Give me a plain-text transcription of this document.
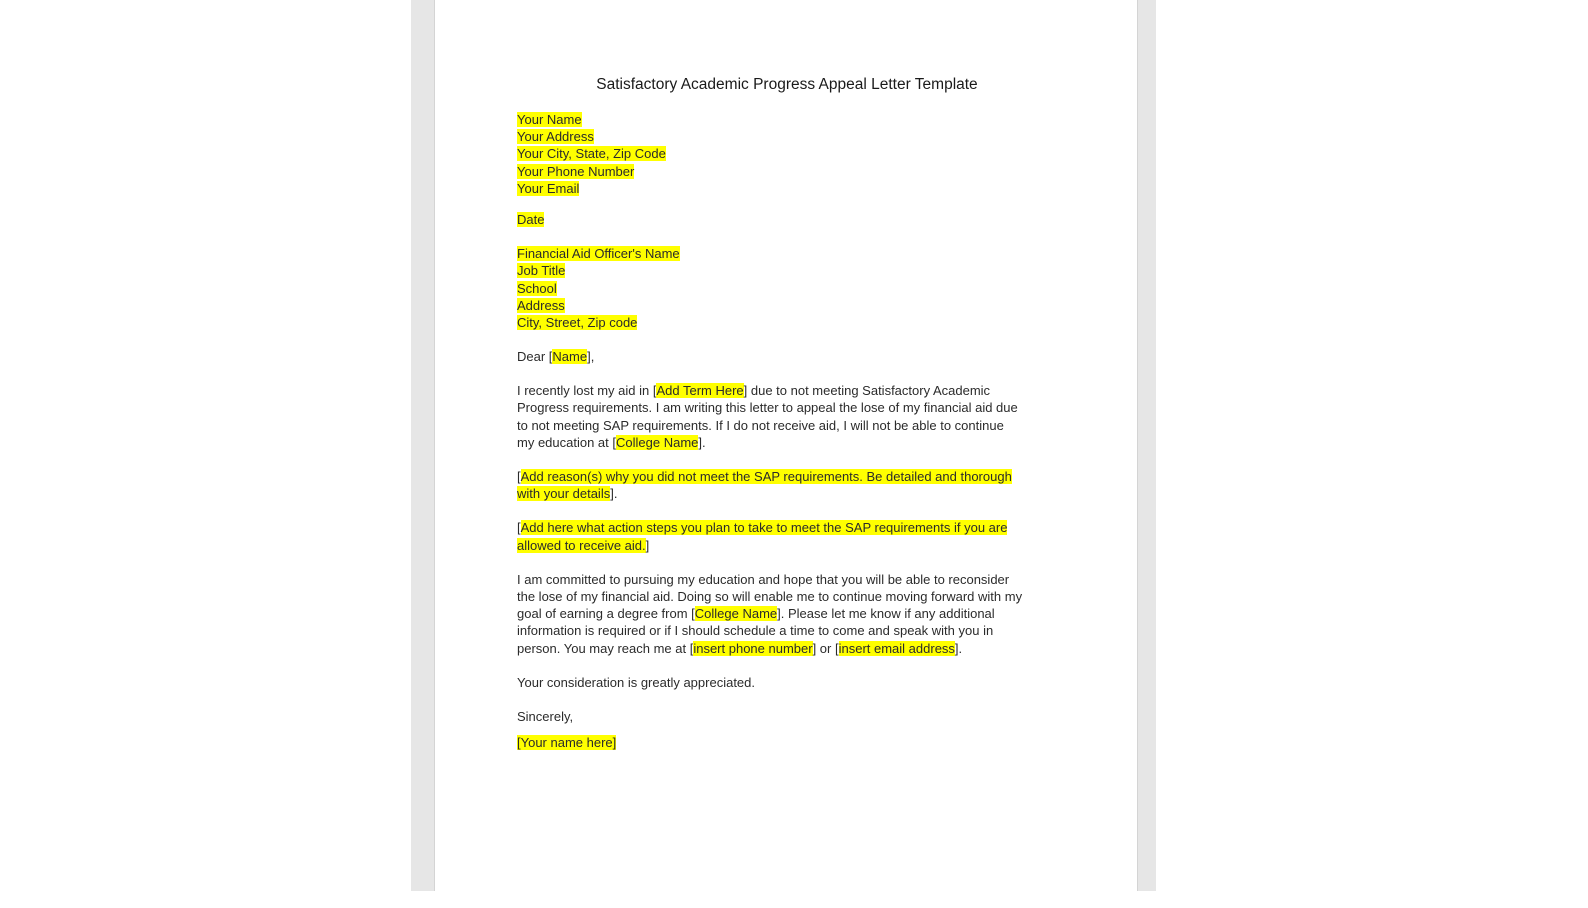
Satisfactory Academic Progress Appeal Letter Template
Your Name
Your Address
Your City, State, Zip Code
Your Phone Number
Your Email
Date
Financial Aid Officer's Name
Job Title
School
Address
City, Street, Zip code
Dear [Name],
I recently lost my aid in [Add Term Here] due to not meeting Satisfactory Academic
Progress requirements. I am writing this letter to appeal the lose of my financial aid due
to not meeting SAP requirements. If I do not receive aid, I will not be able to continue
my education at [College Name].
[Add reason(s) why you did not meet the SAP requirements. Be detailed and thorough
with your details].
[Add here what action steps you plan to take to meet the SAP requirements if you are
allowed to receive aid.]
I am committed to pursuing my education and hope that you will be able to reconsider
the lose of my financial aid. Doing so will enable me to continue moving forward with my
goal of earning a degree from [College Name]. Please let me know if any additional
information is required or if I should schedule a time to come and speak with you in
person. You may reach me at [insert phone number] or [insert email address].
Your consideration is greatly appreciated.
Sincerely,
[Your name here]
